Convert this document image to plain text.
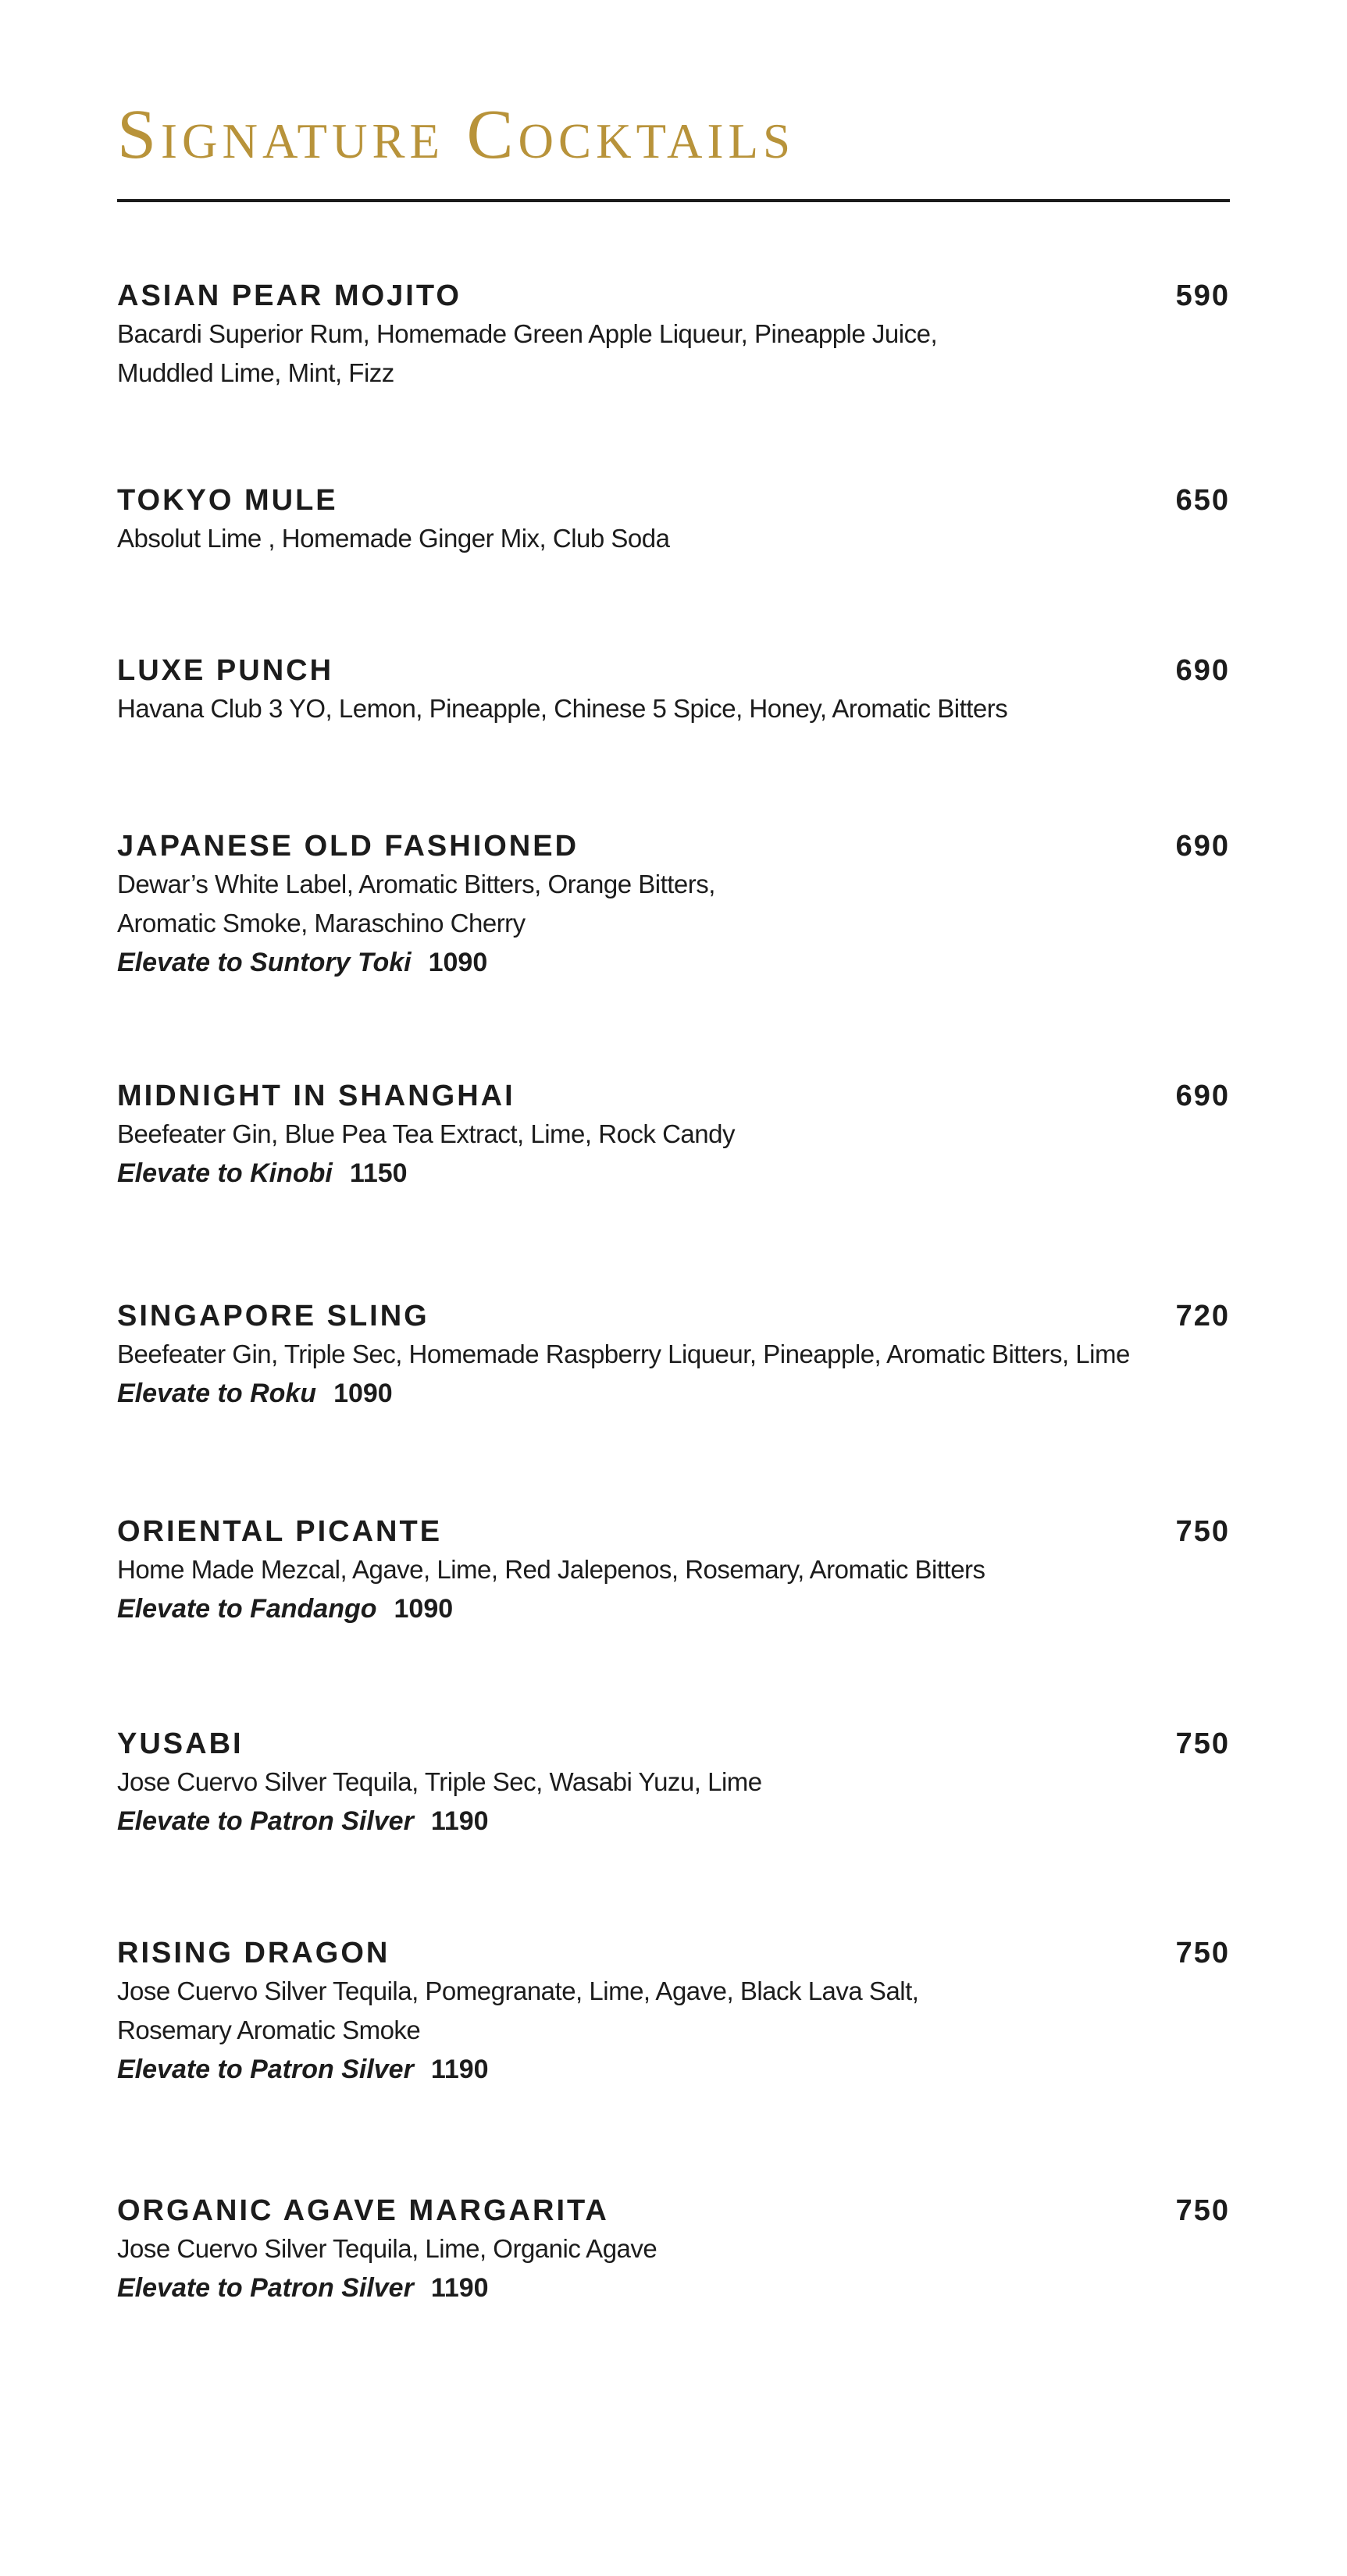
Signature Cocktails
ASIAN PEAR MOJITO	590
Bacardi Superior Rum, Homemade Green Apple Liqueur, Pineapple Juice,
Muddled Lime, Mint, Fizz
TOKYO MULE	650
Absolut Lime , Homemade Ginger Mix, Club Soda
LUXE PUNCH	690
Havana Club 3 YO, Lemon, Pineapple, Chinese 5 Spice, Honey, Aromatic Bitters
JAPANESE OLD FASHIONED	690
Dewar’s White Label, Aromatic Bitters, Orange Bitters,
Aromatic Smoke, Maraschino Cherry
Elevate to Suntory Toki 1090
MIDNIGHT IN SHANGHAI	690
Beefeater Gin, Blue Pea Tea Extract, Lime, Rock Candy
Elevate to Kinobi 1150
SINGAPORE SLING	720
Beefeater Gin, Triple Sec, Homemade Raspberry Liqueur, Pineapple, Aromatic Bitters, Lime
Elevate to Roku 1090
ORIENTAL PICANTE	750
Home Made Mezcal, Agave, Lime, Red Jalepenos, Rosemary, Aromatic Bitters
Elevate to Fandango 1090
YUSABI	750
Jose Cuervo Silver Tequila, Triple Sec, Wasabi Yuzu, Lime
Elevate to Patron Silver 1190
RISING DRAGON	750
Jose Cuervo Silver Tequila, Pomegranate, Lime, Agave, Black Lava Salt,
Rosemary Aromatic Smoke
Elevate to Patron Silver 1190
ORGANIC AGAVE MARGARITA	750
Jose Cuervo Silver Tequila, Lime, Organic Agave
Elevate to Patron Silver 1190
